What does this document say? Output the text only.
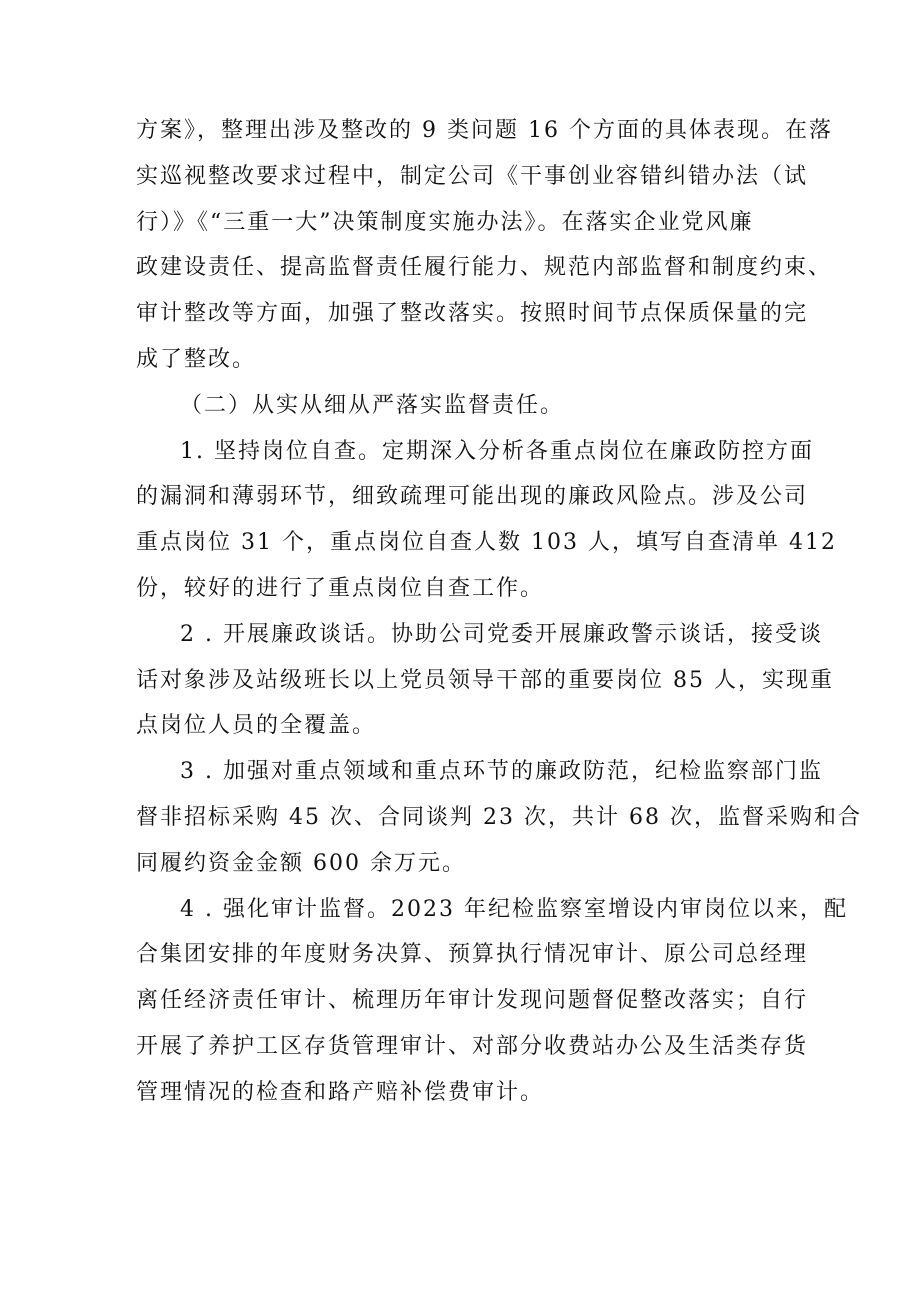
方案》，整理出涉及整改的 9 类问题 16 个方面的具体表现。在落
实巡视整改要求过程中，制定公司《干事创业容错纠错办法（试
行）》《“三重一大”决策制度实施办法》。在落实企业党风廉
政建设责任、提高监督责任履行能力、规范内部监督和制度约束、
审计整改等方面，加强了整改落实。按照时间节点保质保量的完
成了整改。
（二）从实从细从严落实监督责任。
1. 坚持岗位自查。定期深入分析各重点岗位在廉政防控方面
的漏洞和薄弱环节，细致疏理可能出现的廉政风险点。涉及公司
重点岗位 31 个，重点岗位自查人数 103 人，填写自查清单 412
份，较好的进行了重点岗位自查工作。
2 . 开展廉政谈话。协助公司党委开展廉政警示谈话，接受谈
话对象涉及站级班长以上党员领导干部的重要岗位 85 人，实现重
点岗位人员的全覆盖。
3 . 加强对重点领域和重点环节的廉政防范，纪检监察部门监
督非招标采购 45 次、合同谈判 23 次，共计 68 次，监督采购和合
同履约资金金额 600 余万元。
4 . 强化审计监督。2023 年纪检监察室增设内审岗位以来，配
合集团安排的年度财务决算、预算执行情况审计、原公司总经理
离任经济责任审计、梳理历年审计发现问题督促整改落实；自行
开展了养护工区存货管理审计、对部分收费站办公及生活类存货
管理情况的检查和路产赔补偿费审计。
